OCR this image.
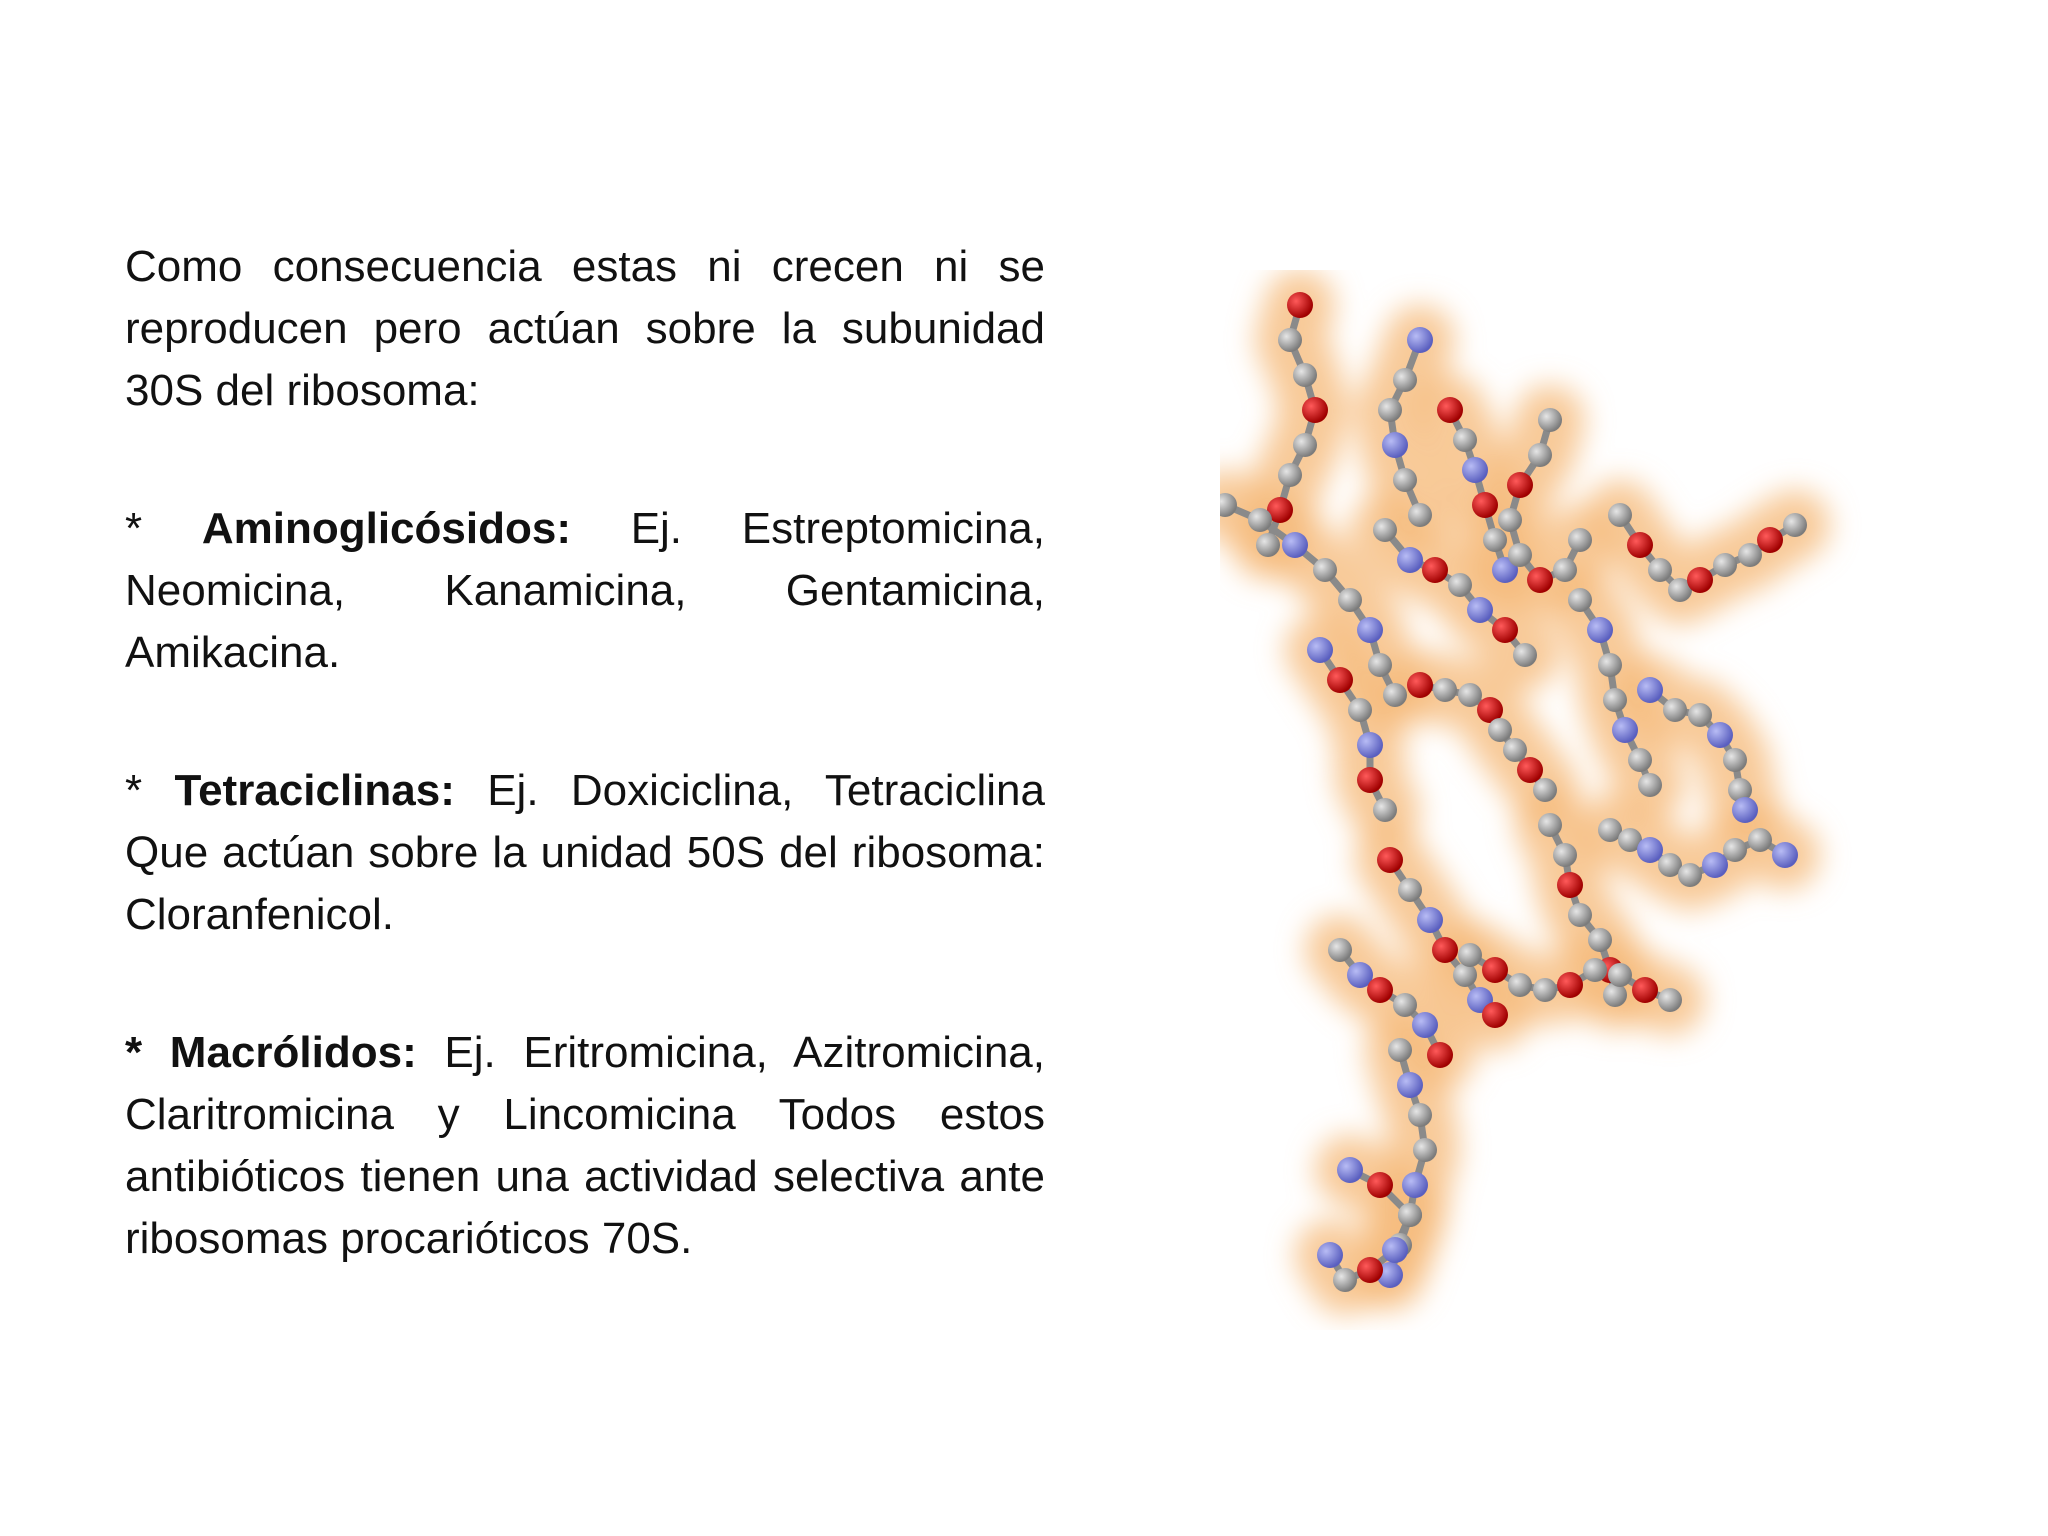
Como consecuencia estas ni crecen ni se reproducen pero actúan sobre la subunidad 30S del ribosoma:

* Aminoglicósidos: Ej. Estreptomicina, Neomicina, Kanamicina, Gentamicina, Amikacina.

* Tetraciclinas: Ej. Doxiciclina, Tetraciclina Que actúan sobre la unidad 50S del ribosoma: Cloranfenicol.

* Macrólidos: Ej. Eritromicina, Azitromicina, Claritromicina y Lincomicina Todos estos antibióticos tienen una actividad selectiva ante ribosomas procarióticos 70S.
